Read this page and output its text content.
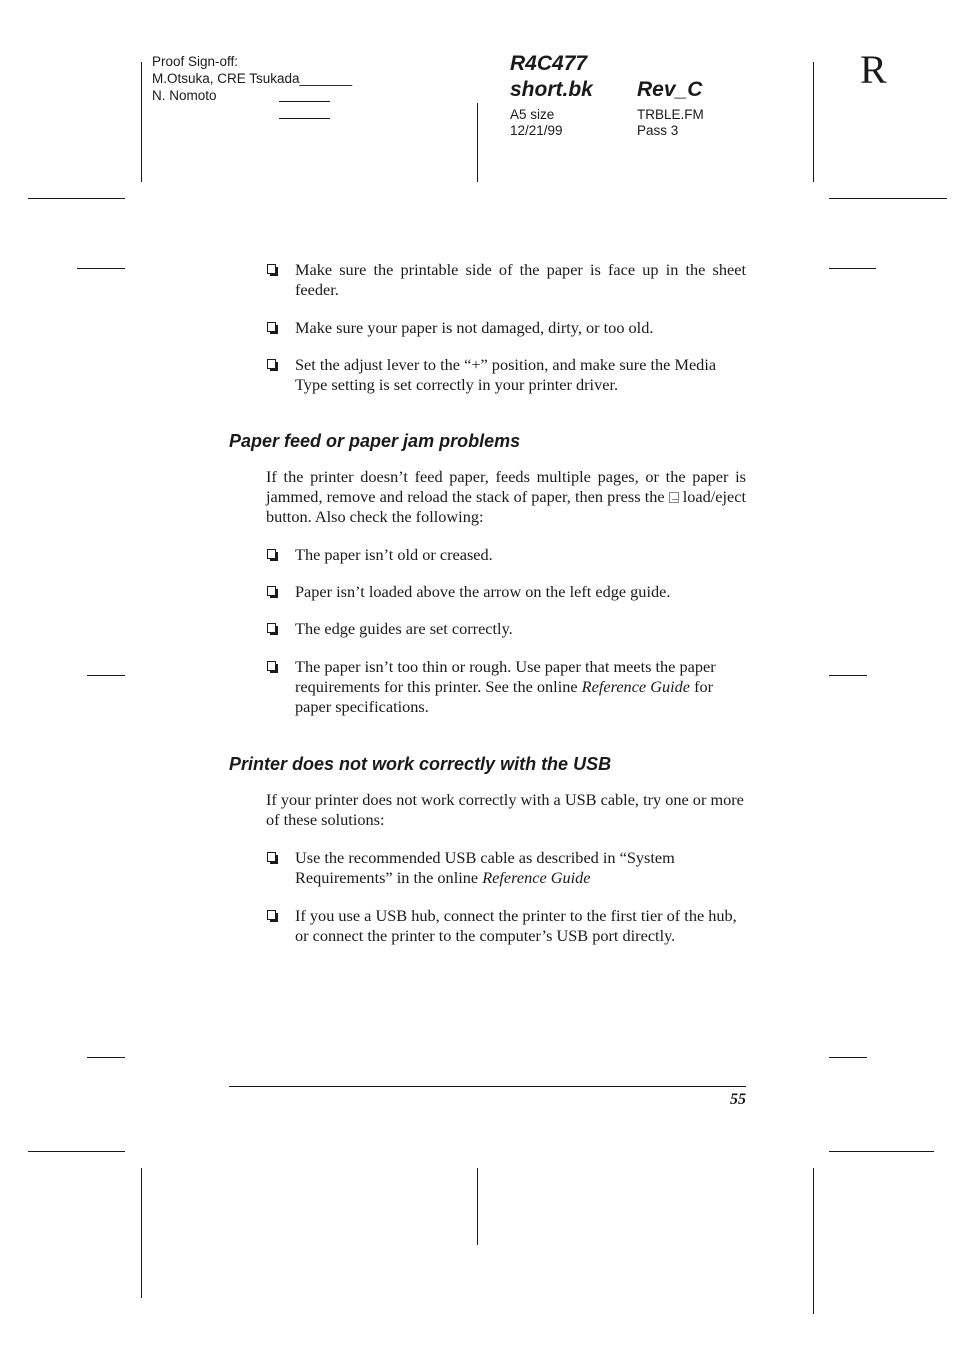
Proof Sign-off:
M.Otsuka, CRE Tsukada_______
N. Nomoto
R4C477
short.bk Rev_C
A5 size
12/21/99
TRBLE.FM
Pass 3
R
Make sure the printable side of the paper is face up in the sheet feeder.
Make sure your paper is not damaged, dirty, or too old.
Set the adjust lever to the “+” position, and make sure the Media Type setting is set correctly in your printer driver.
Paper feed or paper jam problems
If the printer doesn’t feed paper, feeds multiple pages, or the paper is jammed, remove and reload the stack of paper, then press the load/eject button. Also check the following:
The paper isn’t old or creased.
Paper isn’t loaded above the arrow on the left edge guide.
The edge guides are set correctly.
The paper isn’t too thin or rough. Use paper that meets the paper requirements for this printer. See the online Reference Guide for paper specifications.
Printer does not work correctly with the USB
If your printer does not work correctly with a USB cable, try one or more of these solutions:
Use the recommended USB cable as described in “System Requirements” in the online Reference Guide
If you use a USB hub, connect the printer to the first tier of the hub, or connect the printer to the computer’s USB port directly.
55
